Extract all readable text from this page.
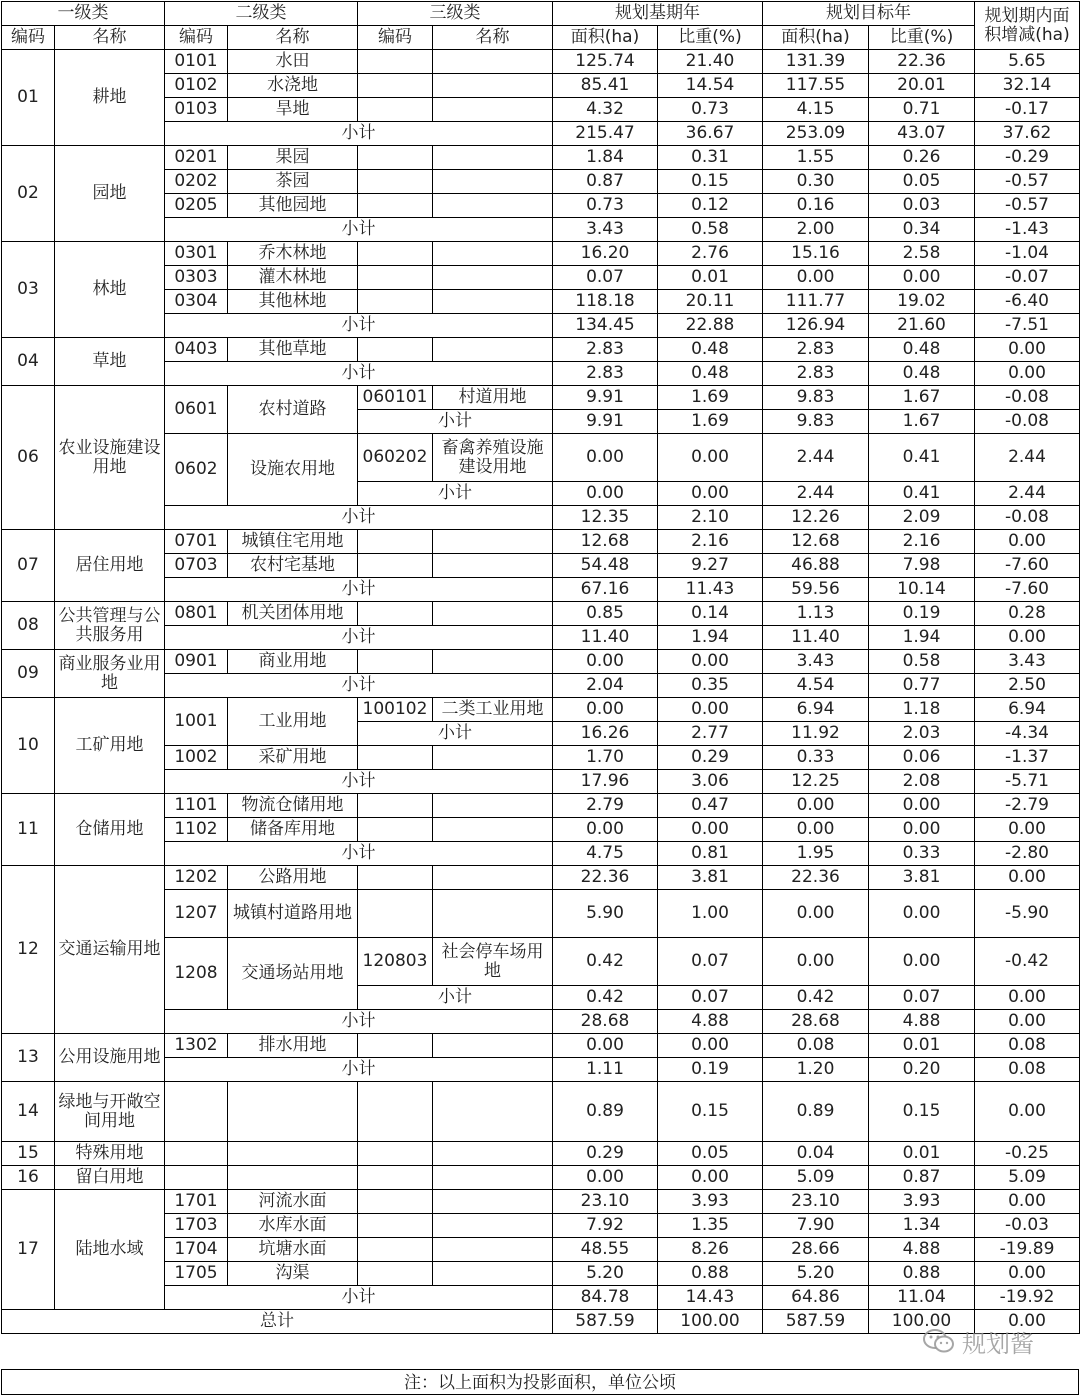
一级类		二级类		三级类		规划基期年		规划目标年		规划期内面积增减(ha)
编码	名称	编码	名称	编码	名称	面积(ha)	比重(%)	面积(ha)	比重(%)	
01	耕地	0101	水田			125.74	21.40	131.39	22.36	5.65
		0102	水浇地			85.41	14.54	117.55	20.01	32.14
		0103	旱地			4.32	0.73	4.15	0.71	-0.17
		小计				215.47	36.67	253.09	43.07	37.62
02	园地	0201	果园			1.84	0.31	1.55	0.26	-0.29
		0202	茶园			0.87	0.15	0.30	0.05	-0.57
		0205	其他园地			0.73	0.12	0.16	0.03	-0.57
		小计				3.43	0.58	2.00	0.34	-1.43
03	林地	0301	乔木林地			16.20	2.76	15.16	2.58	-1.04
		0303	灌木林地			0.07	0.01	0.00	0.00	-0.07
		0304	其他林地			118.18	20.11	111.77	19.02	-6.40
		小计				134.45	22.88	126.94	21.60	-7.51
04	草地	0403	其他草地			2.83	0.48	2.83	0.48	0.00
		小计				2.83	0.48	2.83	0.48	0.00
06	农业设施建设用地	0601	农村道路	060101	村道用地	9.91	1.69	9.83	1.67	-0.08
				小计		9.91	1.69	9.83	1.67	-0.08
		0602	设施农用地	060202	畜禽养殖设施建设用地	0.00	0.00	2.44	0.41	2.44
				小计		0.00	0.00	2.44	0.41	2.44
		小计				12.35	2.10	12.26	2.09	-0.08
07	居住用地	0701	城镇住宅用地			12.68	2.16	12.68	2.16	0.00
		0703	农村宅基地			54.48	9.27	46.88	7.98	-7.60
		小计				67.16	11.43	59.56	10.14	-7.60
08	公共管理与公共服务用	0801	机关团体用地			0.85	0.14	1.13	0.19	0.28
		小计				11.40	1.94	11.40	1.94	0.00
09	商业服务业用地	0901	商业用地			0.00	0.00	3.43	0.58	3.43
		小计				2.04	0.35	4.54	0.77	2.50
10	工矿用地	1001	工业用地	100102	二类工业用地	0.00	0.00	6.94	1.18	6.94
				小计		16.26	2.77	11.92	2.03	-4.34
		1002	采矿用地			1.70	0.29	0.33	0.06	-1.37
		小计				17.96	3.06	12.25	2.08	-5.71
11	仓储用地	1101	物流仓储用地			2.79	0.47	0.00	0.00	-2.79
		1102	储备库用地			0.00	0.00	0.00	0.00	0.00
		小计				4.75	0.81	1.95	0.33	-2.80
12	交通运输用地	1202	公路用地			22.36	3.81	22.36	3.81	0.00
		1207	城镇村道路用地			5.90	1.00	0.00	0.00	-5.90
		1208	交通场站用地	120803	社会停车场用地	0.42	0.07	0.00	0.00	-0.42
				小计		0.42	0.07	0.42	0.07	0.00
		小计				28.68	4.88	28.68	4.88	0.00
13	公用设施用地	1302	排水用地			0.00	0.00	0.08	0.01	0.08
		小计				1.11	0.19	1.20	0.20	0.08
14	绿地与开敞空间用地					0.89	0.15	0.89	0.15	0.00
15	特殊用地					0.29	0.05	0.04	0.01	-0.25
16	留白用地					0.00	0.00	5.09	0.87	5.09
17	陆地水域	1701	河流水面			23.10	3.93	23.10	3.93	0.00
		1703	水库水面			7.92	1.35	7.90	1.34	-0.03
		1704	坑塘水面			48.55	8.26	28.66	4.88	-19.89
		1705	沟渠			5.20	0.88	5.20	0.88	0.00
		小计				84.78	14.43	64.86	11.04	-19.92
总计						587.59	100.00	587.59	100.00	0.00
规划酱
注：以上面积为投影面积，单位公顷
